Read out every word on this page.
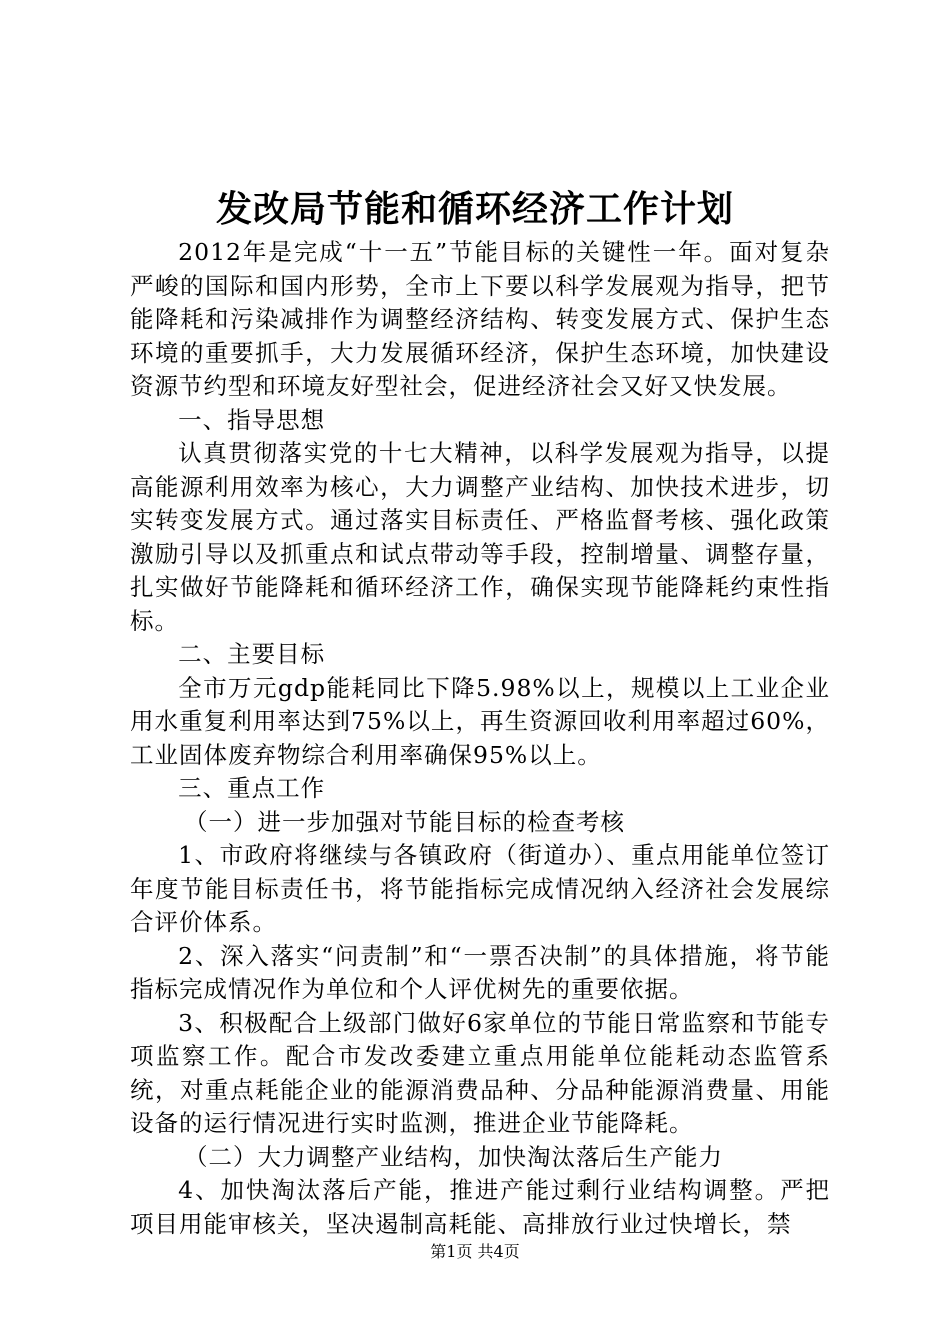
发改局节能和循环经济工作计划

2012年是完成“十一五”节能目标的关键性一年。面对复杂严峻的国际和国内形势，全市上下要以科学发展观为指导，把节能降耗和污染减排作为调整经济结构、转变发展方式、保护生态环境的重要抓手，大力发展循环经济，保护生态环境，加快建设资源节约型和环境友好型社会，促进经济社会又好又快发展。

一、指导思想

认真贯彻落实党的十七大精神，以科学发展观为指导，以提高能源利用效率为核心，大力调整产业结构、加快技术进步，切实转变发展方式。通过落实目标责任、严格监督考核、强化政策激励引导以及抓重点和试点带动等手段，控制增量、调整存量，扎实做好节能降耗和循环经济工作，确保实现节能降耗约束性指标。

二、主要目标

全市万元gdp能耗同比下降5.98%以上，规模以上工业企业用水重复利用率达到75%以上，再生资源回收利用率超过60%，工业固体废弃物综合利用率确保95%以上。

三、重点工作

（一）进一步加强对节能目标的检查考核

1、市政府将继续与各镇政府（街道办）、重点用能单位签订年度节能目标责任书，将节能指标完成情况纳入经济社会发展综合评价体系。

2、深入落实“问责制”和“一票否决制”的具体措施，将节能指标完成情况作为单位和个人评优树先的重要依据。

3、积极配合上级部门做好6家单位的节能日常监察和节能专项监察工作。配合市发改委建立重点用能单位能耗动态监管系统，对重点耗能企业的能源消费品种、分品种能源消费量、用能设备的运行情况进行实时监测，推进企业节能降耗。

（二）大力调整产业结构，加快淘汰落后生产能力

4、加快淘汰落后产能，推进产能过剩行业结构调整。严把项目用能审核关，坚决遏制高耗能、高排放行业过快增长，禁

第1页 共4页
